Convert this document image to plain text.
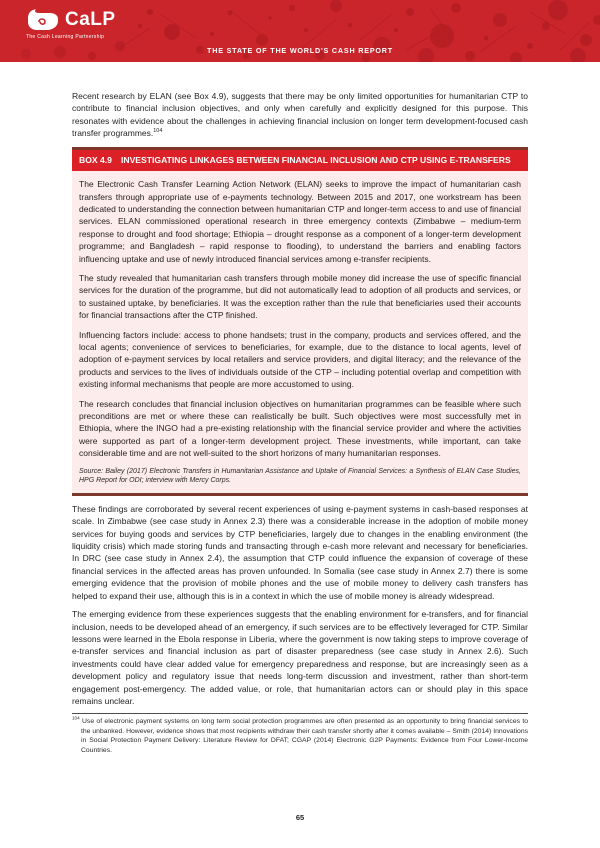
CaLP
The Cash Learning Partnership
THE STATE OF THE WORLD'S CASH REPORT

Recent research by ELAN (see Box 4.9), suggests that there may be only limited opportunities for humanitarian CTP to contribute to financial inclusion objectives, and only when carefully and explicitly designed for this purpose. This resonates with evidence about the challenges in achieving financial inclusion on longer term development-focused cash transfer programmes.$^{104}$

BOX 4.9 INVESTIGATING LINKAGES BETWEEN FINANCIAL INCLUSION AND CTP USING E-TRANSFERS

The Electronic Cash Transfer Learning Action Network (ELAN) seeks to improve the impact of humanitarian cash transfers through appropriate use of e-payments technology. Between 2015 and 2017, one workstream has been dedicated to understanding the connection between humanitarian CTP and longer-term access to and use of financial services. ELAN commissioned operational research in three emergency contexts (Zimbabwe – medium-term response to drought and food shortage; Ethiopia – drought response as a component of a longer-term development programme; and Bangladesh – rapid response to flooding), to understand the barriers and enabling factors influencing uptake and use of newly introduced financial services among e-transfer recipients.

The study revealed that humanitarian cash transfers through mobile money did increase the use of specific financial services for the duration of the programme, but did not automatically lead to adoption of all products and services, or to sustained uptake, by beneficiaries. It was the exception rather than the rule that beneficiaries used their accounts for financial transactions after the CTP finished.

Influencing factors include: access to phone handsets; trust in the company, products and services offered, and the local agents; convenience of services to beneficiaries, for example, due to the distance to local agents, level of adoption of e-payment services by local retailers and service providers, and digital literacy; and the relevance of the products and services to the lives of individuals outside of the CTP – including potential overlap and competition with existing informal mechanisms that people are more accustomed to using.

The research concludes that financial inclusion objectives on humanitarian programmes can be feasible where such preconditions are met or where these can realistically be built. Such objectives were most successfully met in Ethiopia, where the INGO had a pre-existing relationship with the financial service provider and where the activities were supported as part of a longer-term development project. These investments, while important, can take considerable time and are not well-suited to the short horizons of many humanitarian responses.

Source: Bailey (2017) Electronic Transfers in Humanitarian Assistance and Uptake of Financial Services: a Synthesis of ELAN Case Studies, HPG Report for ODI; interview with Mercy Corps.

These findings are corroborated by several recent experiences of using e-payment systems in cash-based responses at scale. In Zimbabwe (see case study in Annex 2.3) there was a considerable increase in the adoption of mobile money services for buying goods and services by CTP beneficiaries, largely due to changes in the enabling environment (the liquidity crisis) which made storing funds and transacting through e-cash more relevant and necessary for beneficiaries. In DRC (see case study in Annex 2.4), the assumption that CTP could influence the expansion of coverage of these financial services in the affected areas has proven unfounded. In Somalia (see case study in Annex 2.7) there is some emerging evidence that the provision of mobile phones and the use of mobile money to delivery cash transfers has helped to expand their use, although this is in a context in which the use of mobile money is already widespread.

The emerging evidence from these experiences suggests that the enabling environment for e-transfers, and for financial inclusion, needs to be developed ahead of an emergency, if such services are to be effectively leveraged for CTP. Similar lessons were learned in the Ebola response in Liberia, where the government is now taking steps to improve coverage of e-transfer services and financial inclusion as part of disaster preparedness (see case study in Annex 2.6). Such investments could have clear added value for emergency preparedness and response, but are increasingly seen as a development policy and regulatory issue that needs long-term discussion and investment, rather than short-term engagement post-emergency. The added value, or role, that humanitarian actors can or should play in this space remains unclear.

$^{104}$ Use of electronic payment systems on long term social protection programmes are often presented as an opportunity to bring financial services to the unbanked. However, evidence shows that most recipients withdraw their cash transfer shortly after it comes available – Smith (2014) Innovations in Social Protection Payment Delivery: Literature Review for DFAT; CGAP (2014) Electronic G2P Payments: Evidence from Four Lower-Income Countries.

65
